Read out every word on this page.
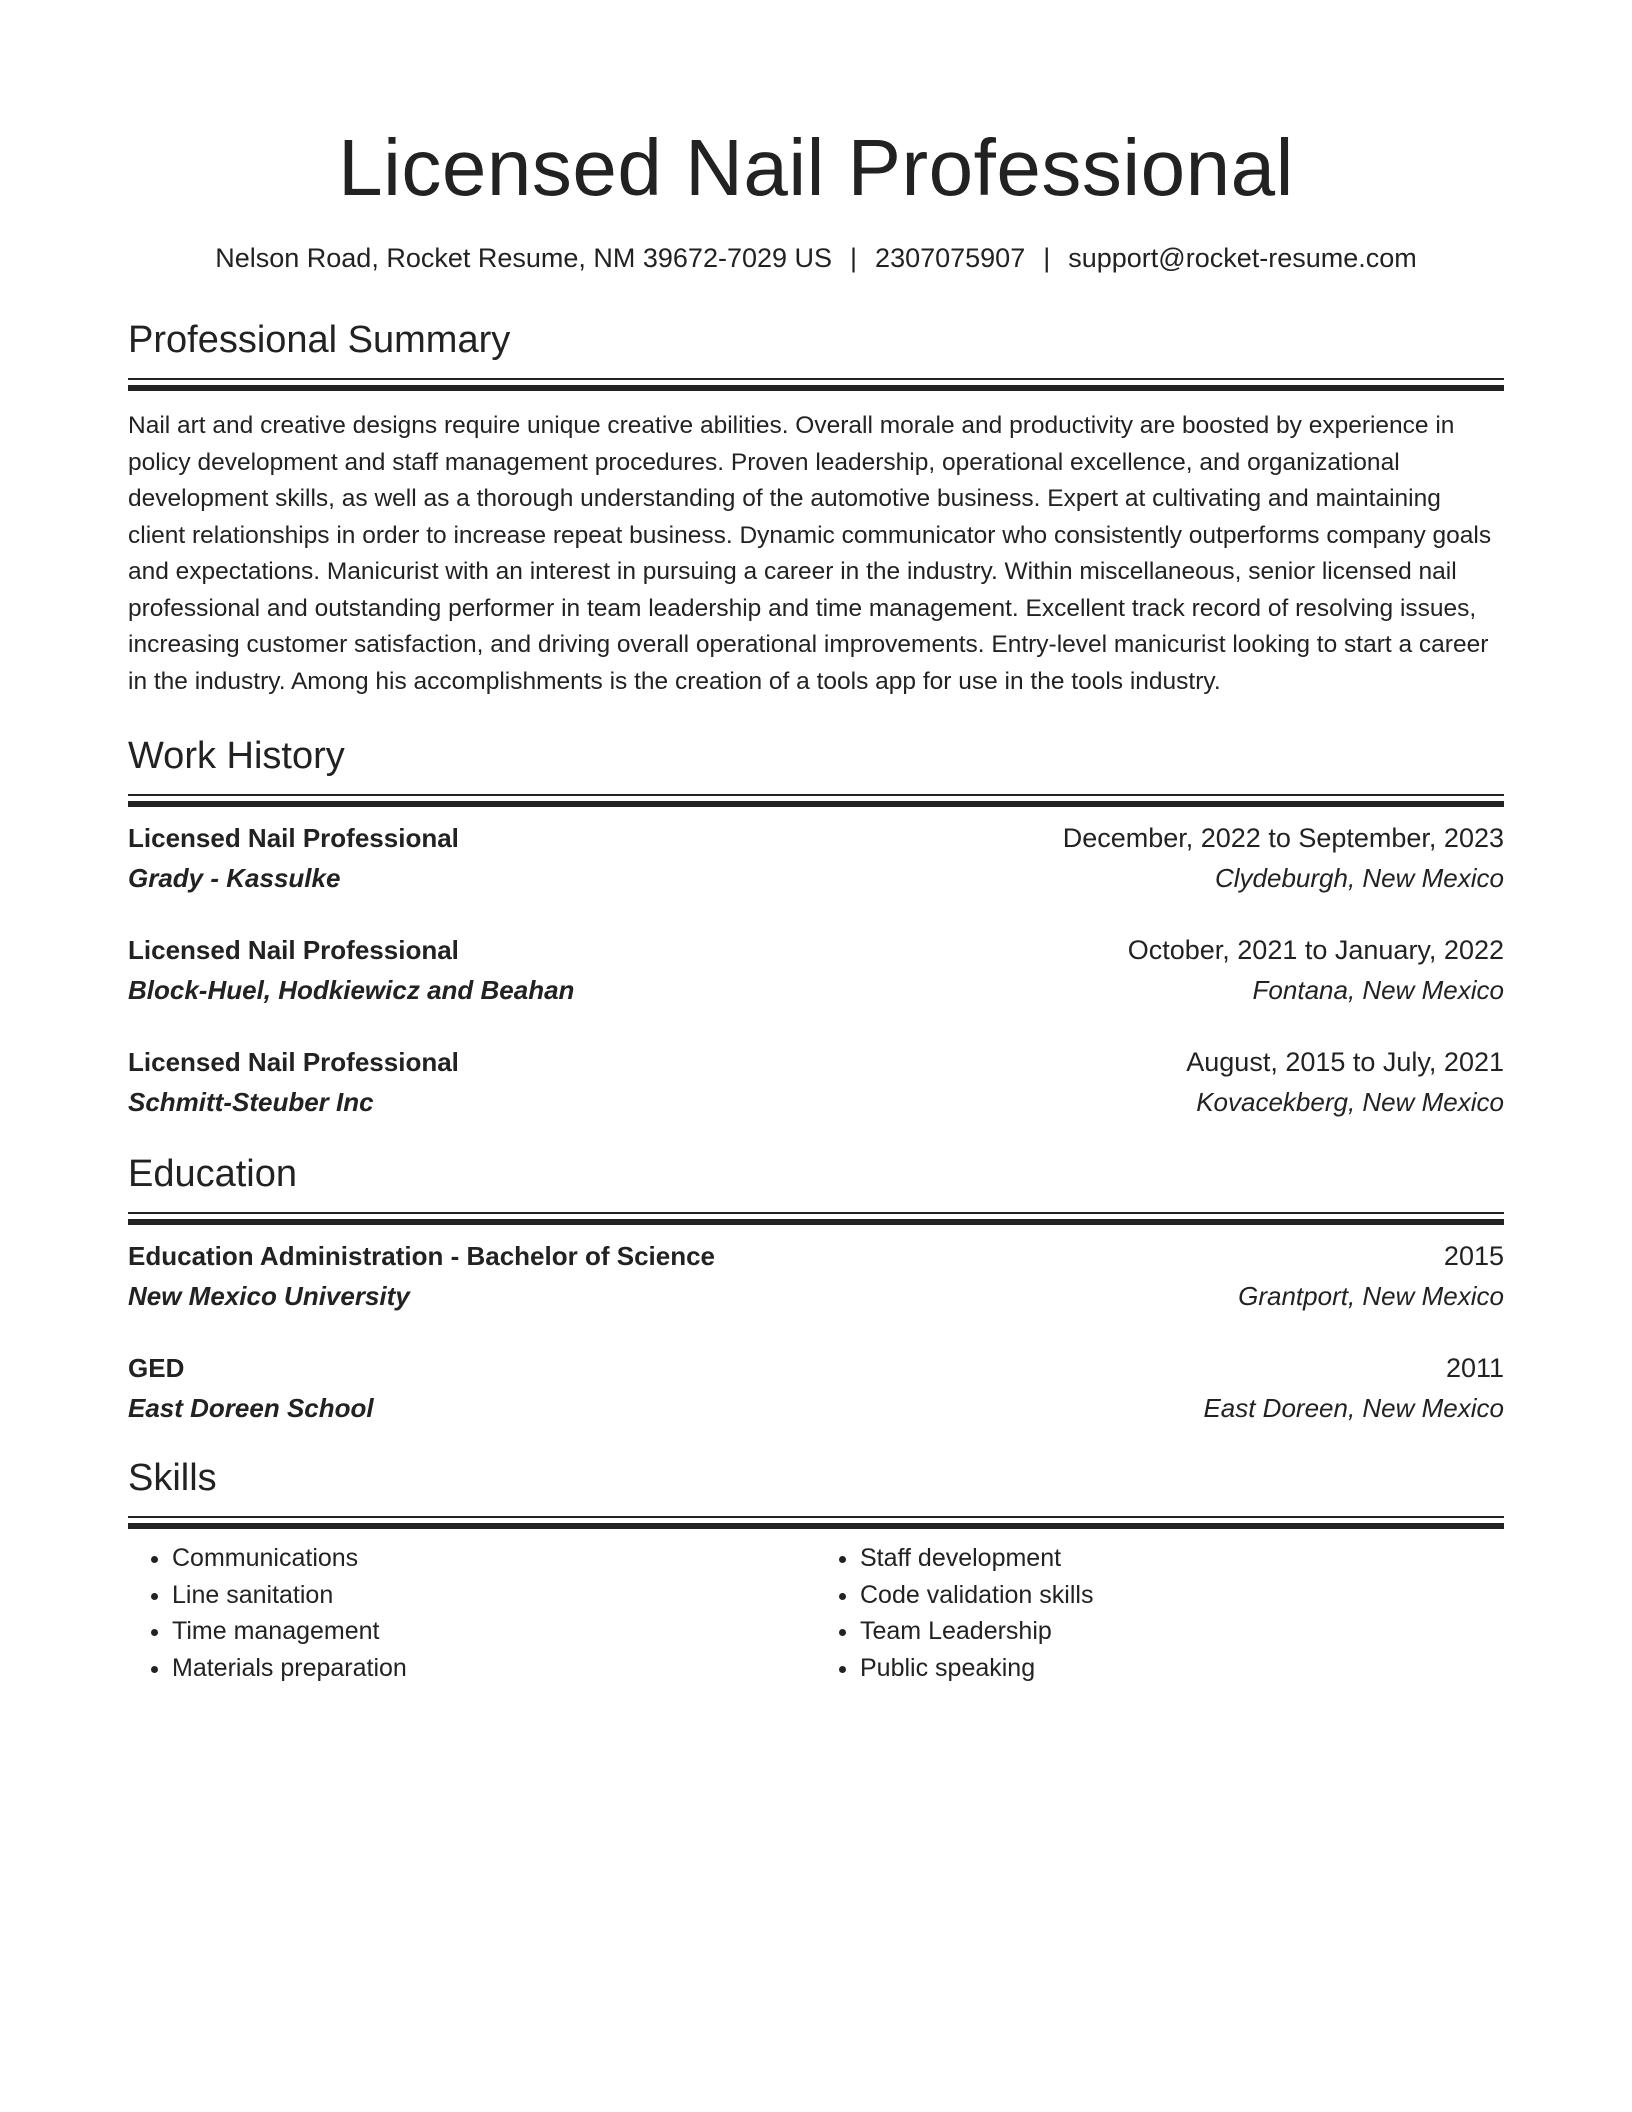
Licensed Nail Professional
Nelson Road, Rocket Resume, NM 39672-7029 US | 2307075907 | support@rocket-resume.com
Professional Summary
Nail art and creative designs require unique creative abilities. Overall morale and productivity are boosted by experience in policy development and staff management procedures. Proven leadership, operational excellence, and organizational development skills, as well as a thorough understanding of the automotive business. Expert at cultivating and maintaining client relationships in order to increase repeat business. Dynamic communicator who consistently outperforms company goals and expectations. Manicurist with an interest in pursuing a career in the industry. Within miscellaneous, senior licensed nail professional and outstanding performer in team leadership and time management. Excellent track record of resolving issues, increasing customer satisfaction, and driving overall operational improvements. Entry-level manicurist looking to start a career in the industry. Among his accomplishments is the creation of a tools app for use in the tools industry.
Work History
Licensed Nail Professional	December, 2022 to September, 2023
Grady - Kassulke	Clydeburgh, New Mexico
Licensed Nail Professional	October, 2021 to January, 2022
Block-Huel, Hodkiewicz and Beahan	Fontana, New Mexico
Licensed Nail Professional	August, 2015 to July, 2021
Schmitt-Steuber Inc	Kovacekberg, New Mexico
Education
Education Administration - Bachelor of Science	2015
New Mexico University	Grantport, New Mexico
GED	2011
East Doreen School	East Doreen, New Mexico
Skills
• Communications
• Line sanitation
• Time management
• Materials preparation
• Staff development
• Code validation skills
• Team Leadership
• Public speaking
